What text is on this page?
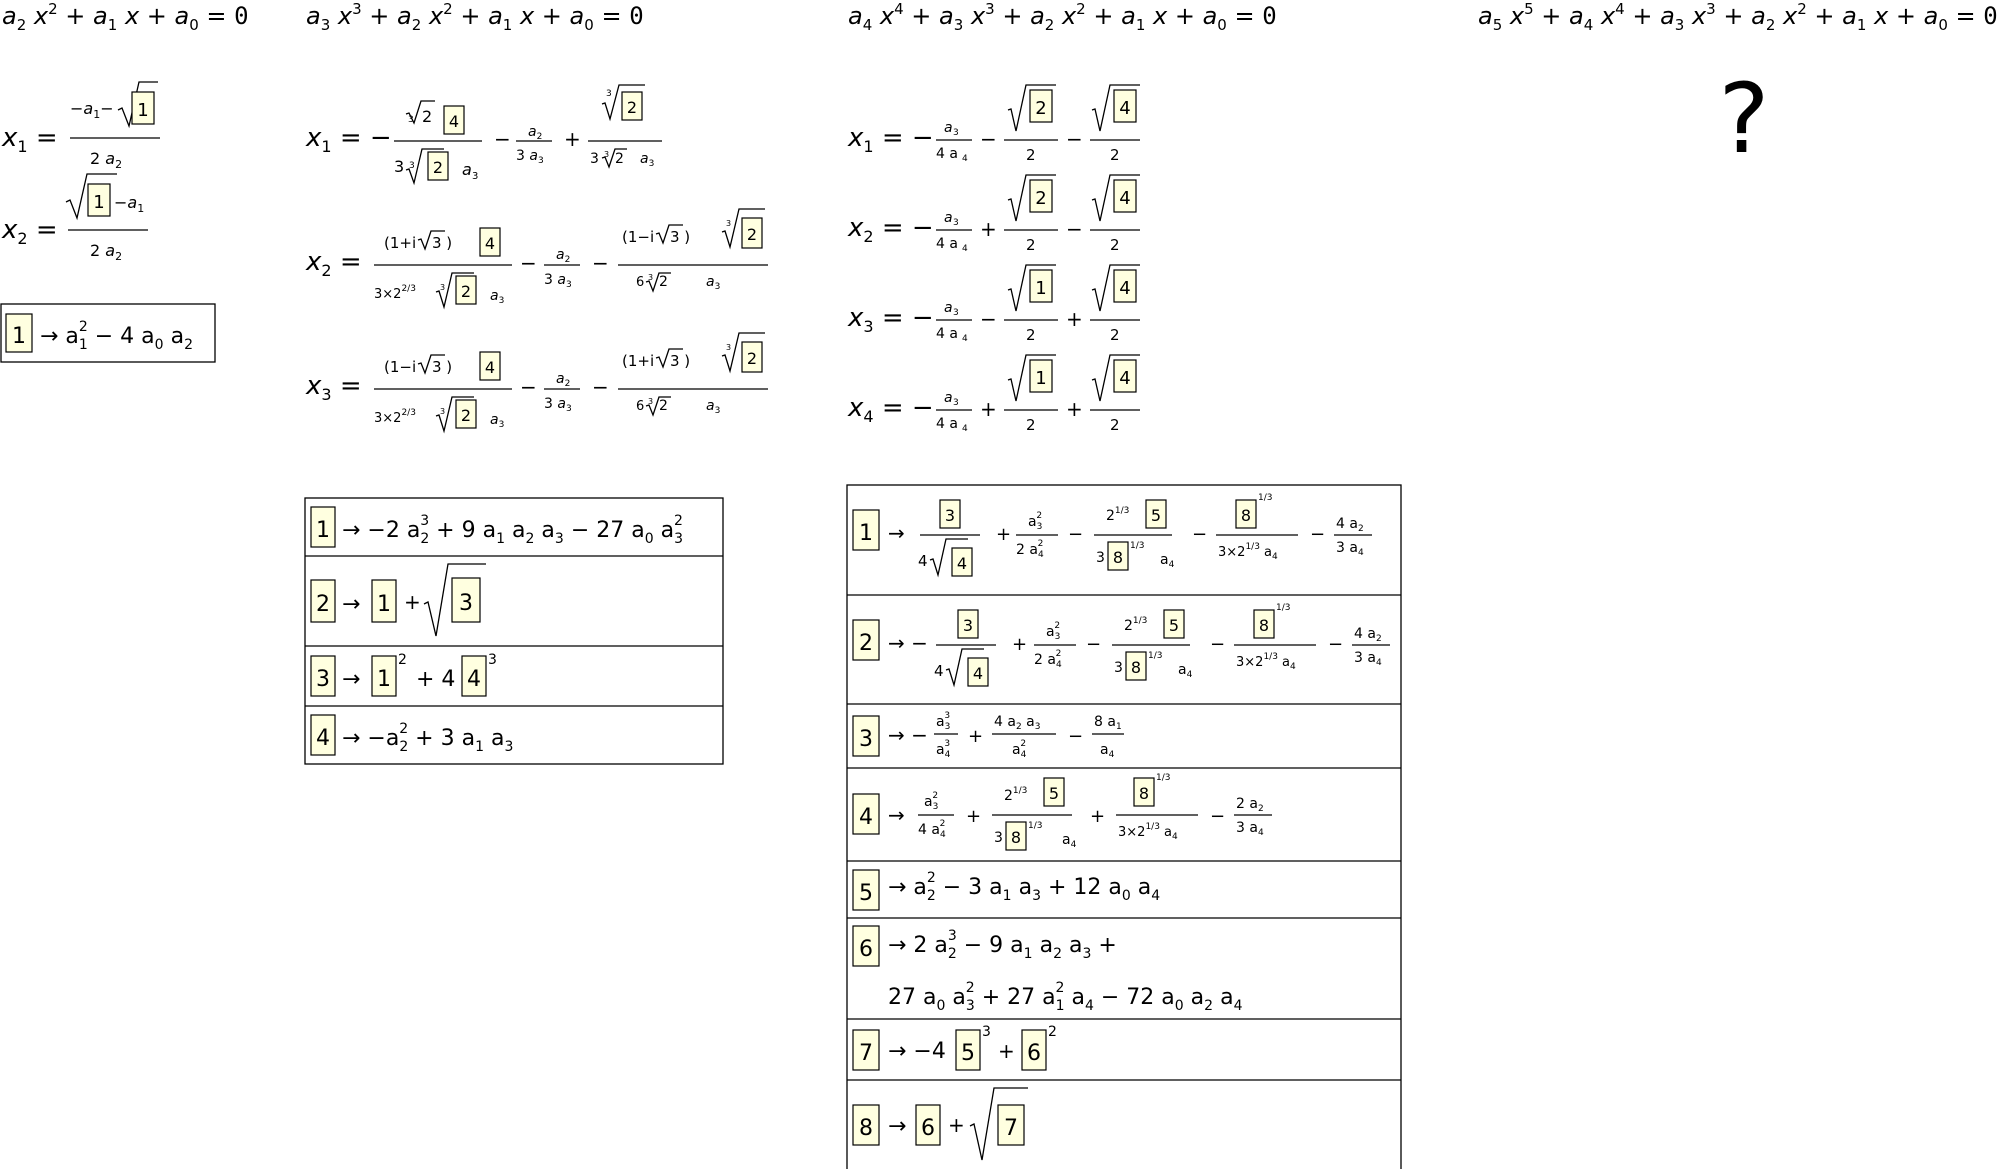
$a_2$ $x^2 + a_1$ $x + a_0 = 0$ $a_3$ $x^3 + a_2$ $x^2 + a_1$ $x + a_0 = 0$	$a_4$ $x^4 + a_3$ $x^3 + a_2$ $x^2 + a_1$ $x + a_0 = 0$	$a_5$ $x^5 + a_4$ $x^4 + a_3$ $x^3 + a_2$ $x^2 + a_1$ $x + a_0 = 0$
?
$x_1$ =
$-a_1- 1$
2 $a_2$
$x_2$ =
$1 -a_1$
2 $a_2$
$1 \to a_12 - 4$ $a_0$ $a_2$
$x_1$ = −
3 2 4
3 3 2 a 3
− $a_2$
3 $a_3$
+
3
2
3 3 2 $a_3$
$x_2$ =
(1+i 3 ) 4
$3\times 2^{2/3}$	3 2 $a_3$
− $a_2$
3 $a_3$
−
(1−i 3 )
3
2
6 3 2	$a_3$
$x_3$ =
(1−i 3 ) 4
$3\times 2^{2/3}$	3 2 $a_3$
− $a_2$
3 $a_3$
−
(1+i 3 )
3
2
6 3 2	$a_3$
1 → −2 $a_23 + 9$ $a_1$ $a_2$ $a_3 - 27$ $a_0$ $a_32$
2 → 1 + 3
3 → 1
2
+ 4 4
3
$4 \to -a_22 + 3$ $a_1$ $a_3$
$x_1$ = − a 3
4 a 4
−
2
2
−
4
2
$x_2$ = − a 3
4 a 4
+
2
2
−
4
2
$x_3$ = − a 3
4 a 4
−
1
2
+
4
2
$x_4$ = − a 3
4 a 4
+
1
2
+
4
2
1 →
3
4 4
+
$a_32$
2 $a_42$ −
$2^{1/3}$ 5
3 8
1/3
$a_4$
−
8
1/3
$3\times 2^{1/3}$ $a_4$
− 4 $a_2$
3 $a_4$
2 → −
3
4 4
+
$a_32$
2 $a_42$ −
$2^{1/3}$ 5
3 8
1/3
$a_4$
−
8
1/3
$3\times 2^{1/3}$ $a_4$
− 4 $a_2$
3 $a_4$
3 → −
$a_33$
$a_43$ +
4 $a_2$ $a_3$
$a_42$ −
8 $a_1$
$a_4$
4 →
$a_32$
4 $a_42$ +
$2^{1/3}$ 5
3 8
1/3
$a_4$
+
8
1/3
$3\times 2^{1/3}$ $a_4$
−
2 $a_2$
3 $a_4$
$5 \to a_22 - 3$ $a_1$ $a_3 + 12$ $a_0$ $a_4$
6 → 2 $a_23 - 9$ $a_1$ $a_2$ $a_3$ +
27 $a_0$ $a_32 + 27$ $a_12$ $a_4 - 72$ $a_0$ $a_2$ $a_4$
7 → −4 5
3
+ 6
2
8 → 6 + 7
